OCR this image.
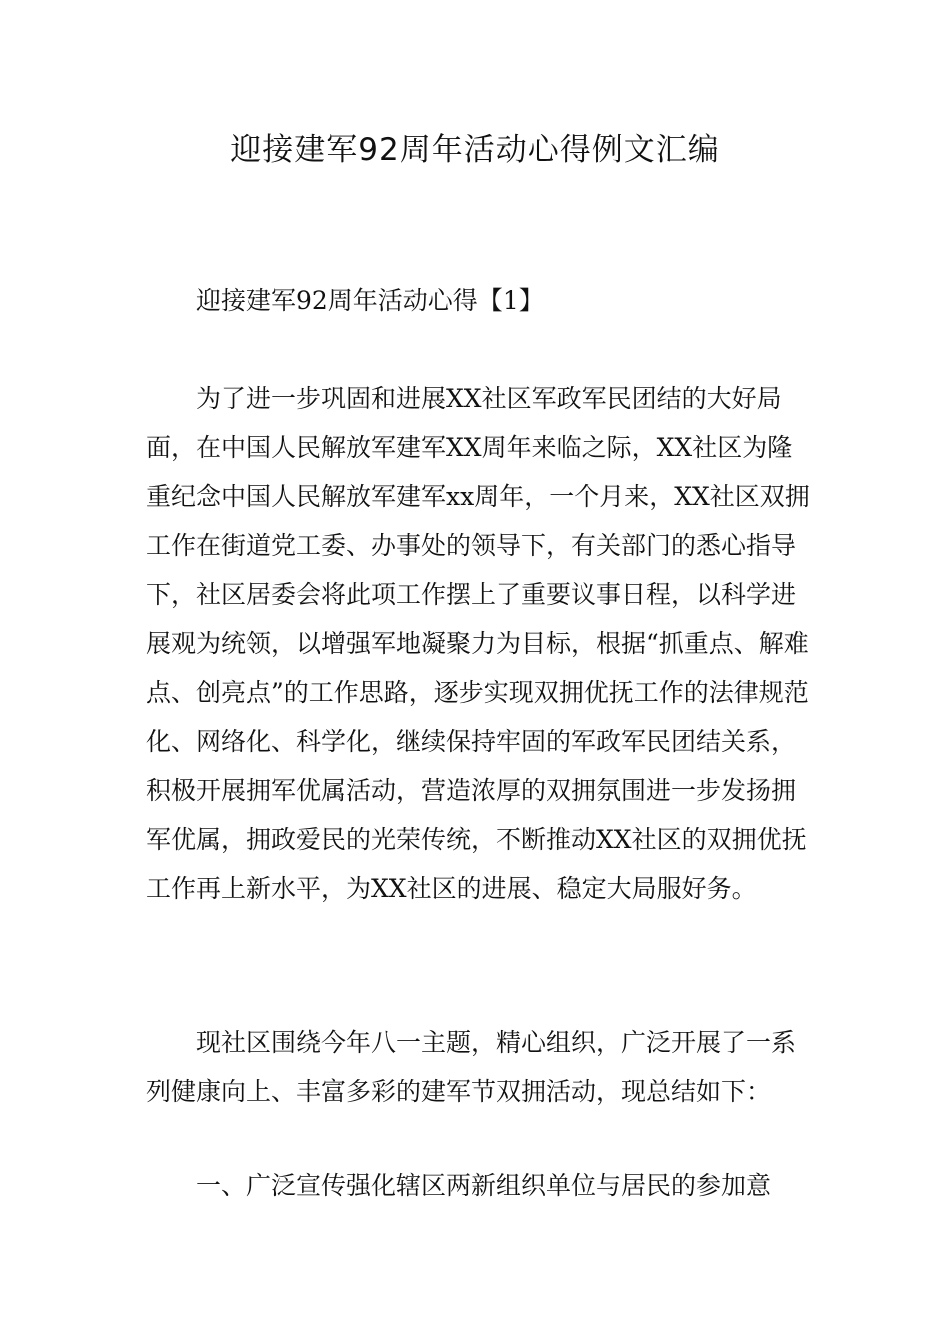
迎接建军92周年活动心得例文汇编

迎接建军92周年活动心得【1】

为了进一步巩固和进展XX社区军政军民团结的大好局面，在中国人民解放军建军XX周年来临之际，XX社区为隆重纪念中国人民解放军建军xx周年，一个月来，XX社区双拥工作在街道党工委、办事处的领导下，有关部门的悉心指导下，社区居委会将此项工作摆上了重要议事日程，以科学进展观为统领，以增强军地凝聚力为目标，根据“抓重点、解难点、创亮点”的工作思路，逐步实现双拥优抚工作的法律规范化、网络化、科学化，继续保持牢固的军政军民团结关系，积极开展拥军优属活动，营造浓厚的双拥氛围进一步发扬拥军优属，拥政爱民的光荣传统，不断推动XX社区的双拥优抚工作再上新水平，为XX社区的进展、稳定大局服好务。

现社区围绕今年八一主题，精心组织，广泛开展了一系列健康向上、丰富多彩的建军节双拥活动，现总结如下：

一、广泛宣传强化辖区两新组织单位与居民的参加意
